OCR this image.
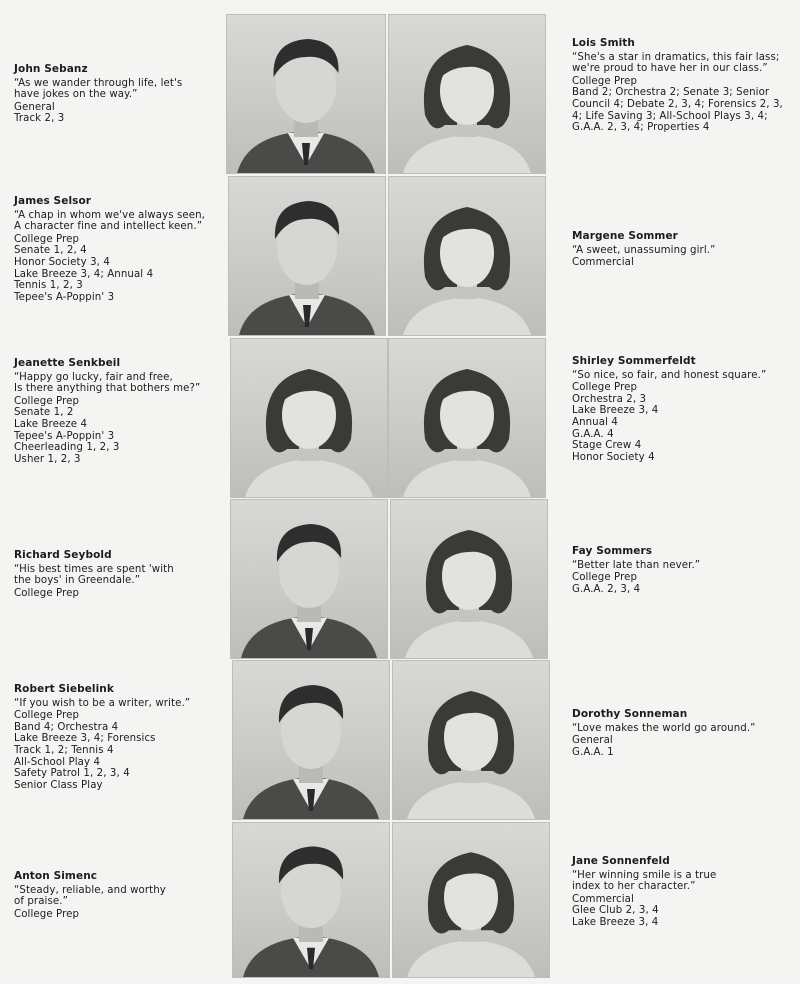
John Sebanz
“As we wander through life, let's
have jokes on the way.”
General
Track 2, 3
Lois Smith
“She's a star in dramatics, this fair lass;
we're proud to have her in our class.”
College Prep
Band 2; Orchestra 2; Senate 3; Senior
Council 4; Debate 2, 3, 4; Forensics 2, 3,
4; Life Saving 3; All-School Plays 3, 4;
G.A.A. 2, 3, 4; Properties 4
James Selsor
“A chap in whom we've always seen,
A character fine and intellect keen.”
College Prep
Senate 1, 2, 4
Honor Society 3, 4
Lake Breeze 3, 4; Annual 4
Tennis 1, 2, 3
Tepee's A-Poppin' 3
Margene Sommer
“A sweet, unassuming girl.”
Commercial
Jeanette Senkbeil
“Happy go lucky, fair and free,
Is there anything that bothers me?”
College Prep
Senate 1, 2
Lake Breeze 4
Tepee's A-Poppin' 3
Cheerleading 1, 2, 3
Usher 1, 2, 3
Shirley Sommerfeldt
“So nice, so fair, and honest square.”
College Prep
Orchestra 2, 3
Lake Breeze 3, 4
Annual 4
G.A.A. 4
Stage Crew 4
Honor Society 4
Richard Seybold
“His best times are spent 'with
the boys' in Greendale.”
College Prep
Fay Sommers
“Better late than never.”
College Prep
G.A.A. 2, 3, 4
Robert Siebelink
“If you wish to be a writer, write.”
College Prep
Band 4; Orchestra 4
Lake Breeze 3, 4; Forensics
Track 1, 2; Tennis 4
All-School Play 4
Safety Patrol 1, 2, 3, 4
Senior Class Play
Dorothy Sonneman
“Love makes the world go around.”
General
G.A.A. 1
Anton Simenc
“Steady, reliable, and worthy
of praise.”
College Prep
Jane Sonnenfeld
“Her winning smile is a true
index to her character.”
Commercial
Glee Club 2, 3, 4
Lake Breeze 3, 4
